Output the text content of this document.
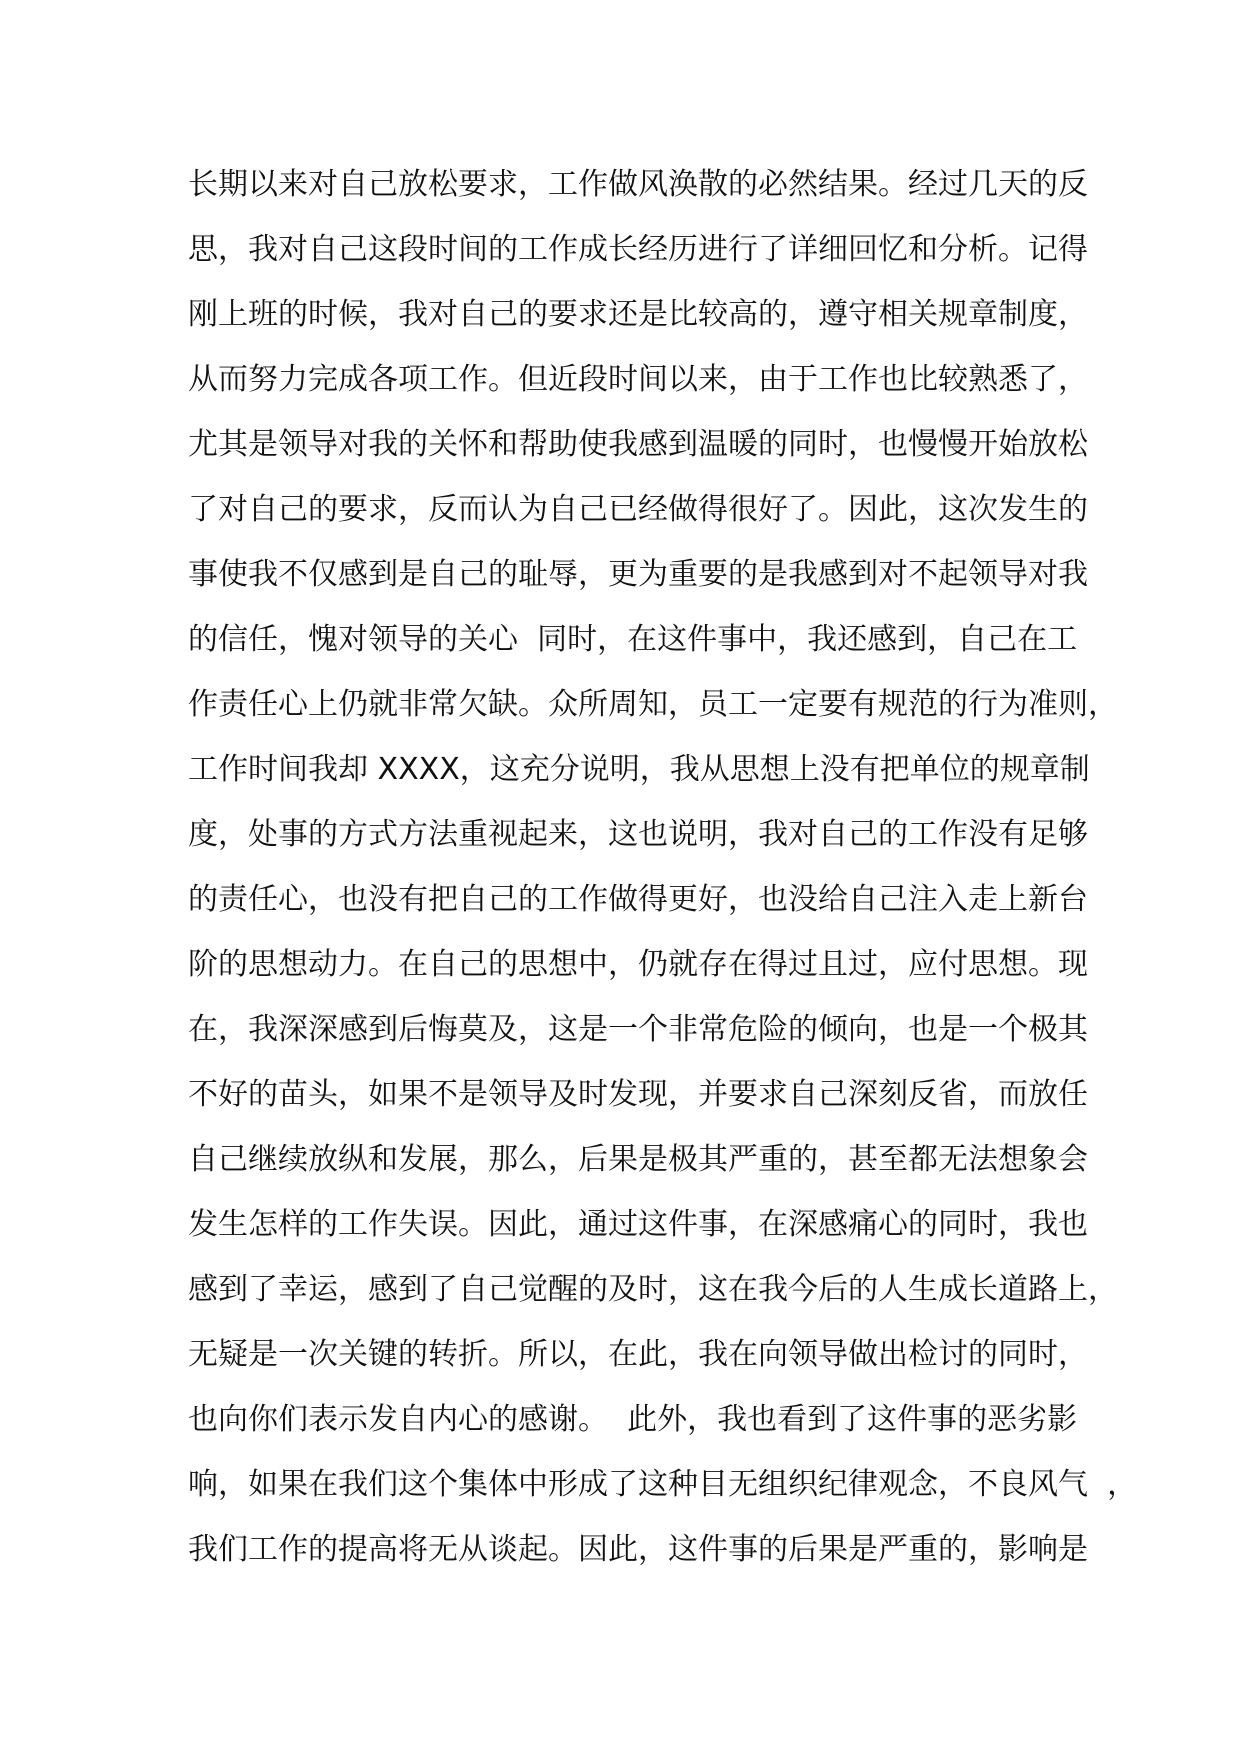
长期以来对自己放松要求，工作做风涣散的必然结果。经过几天的反
思，我对自己这段时间的工作成长经历进行了详细回忆和分析。记得
刚上班的时候，我对自己的要求还是比较高的，遵守相关规章制度，
从而努力完成各项工作。但近段时间以来，由于工作也比较熟悉了，
尤其是领导对我的关怀和帮助使我感到温暖的同时，也慢慢开始放松
了对自己的要求，反而认为自己已经做得很好了。因此，这次发生的
事使我不仅感到是自己的耻辱，更为重要的是我感到对不起领导对我
的信任，愧对领导的关心  同时，在这件事中，我还感到，自己在工
作责任心上仍就非常欠缺。众所周知，员工一定要有规范的行为准则，
工作时间我却 XXXX，这充分说明，我从思想上没有把单位的规章制
度，处事的方式方法重视起来，这也说明，我对自己的工作没有足够
的责任心，也没有把自己的工作做得更好，也没给自己注入走上新台
阶的思想动力。在自己的思想中，仍就存在得过且过，应付思想。现
在，我深深感到后悔莫及，这是一个非常危险的倾向，也是一个极其
不好的苗头，如果不是领导及时发现，并要求自己深刻反省，而放任
自己继续放纵和发展，那么，后果是极其严重的，甚至都无法想象会
发生怎样的工作失误。因此，通过这件事，在深感痛心的同时，我也
感到了幸运，感到了自己觉醒的及时，这在我今后的人生成长道路上，
无疑是一次关键的转折。所以，在此，我在向领导做出检讨的同时，
也向你们表示发自内心的感谢。  此外，我也看到了这件事的恶劣影
响，如果在我们这个集体中形成了这种目无组织纪律观念，不良风气  ，
我们工作的提高将无从谈起。因此，这件事的后果是严重的，影响是
